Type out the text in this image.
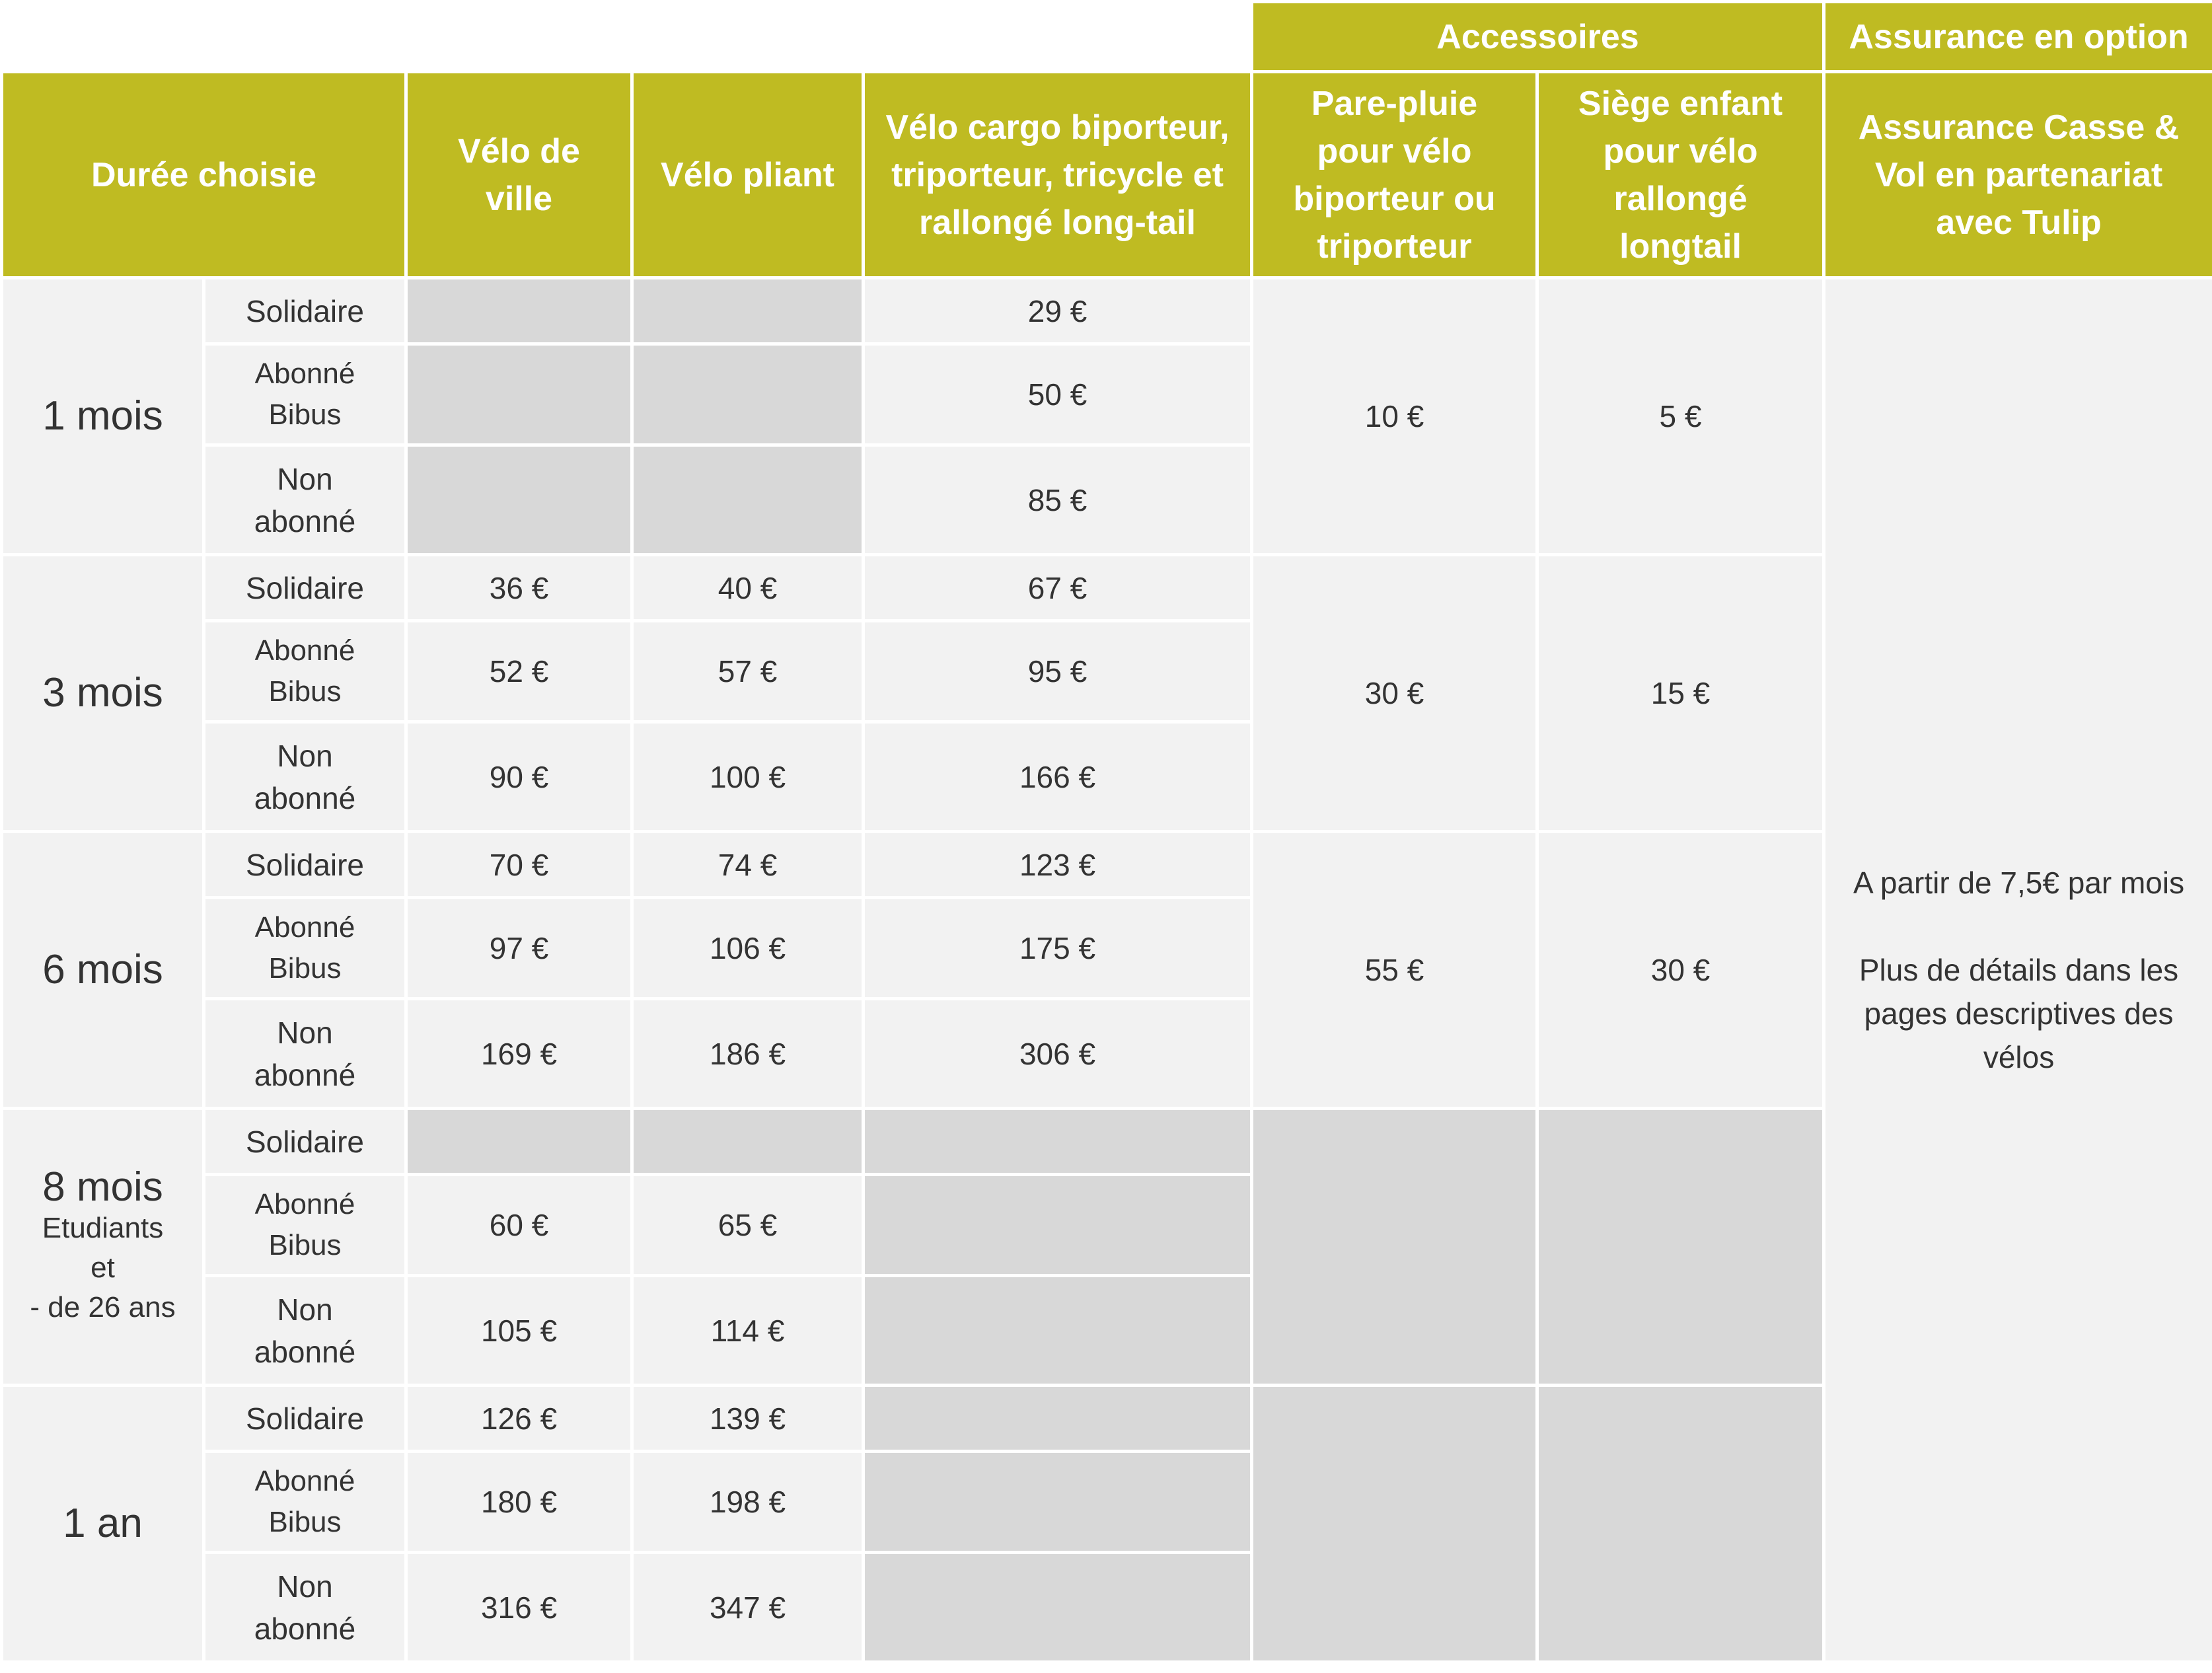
					Accessoires		Assurance en option
Durée choisie		Vélo de ville	Vélo pliant	Vélo cargo biporteur, triporteur, tricycle et rallongé long-tail	Pare-pluie pour vélo biporteur ou triporteur	Siège enfant pour vélo rallongé longtail	Assurance Casse & Vol en partenariat avec Tulip
1 mois	Solidaire			29 €	10 €	5 €	A partir de 7,5€ par mois
Plus de détails dans les pages descriptives des vélos

	Abonné Bibus			50 €			
	Non abonné			85 €			
3 mois	Solidaire	36 €	40 €	67 €	30 €	15 €	
	Abonné Bibus	52 €	57 €	95 €			
	Non abonné	90 €	100 €	166 €			
6 mois	Solidaire	70 €	74 €	123 €	55 €	30 €	
	Abonné Bibus	97 €	106 €	175 €			
	Non abonné	169 €	186 €	306 €			
8 mois
Etudiants
et
- de 26 ans	Solidaire						
	Abonné Bibus	60 €	65 €				
	Non abonné	105 €	114 €				
1 an	Solidaire	126 €	139 €				
	Abonné Bibus	180 €	198 €				
	Non abonné	316 €	347 €				
